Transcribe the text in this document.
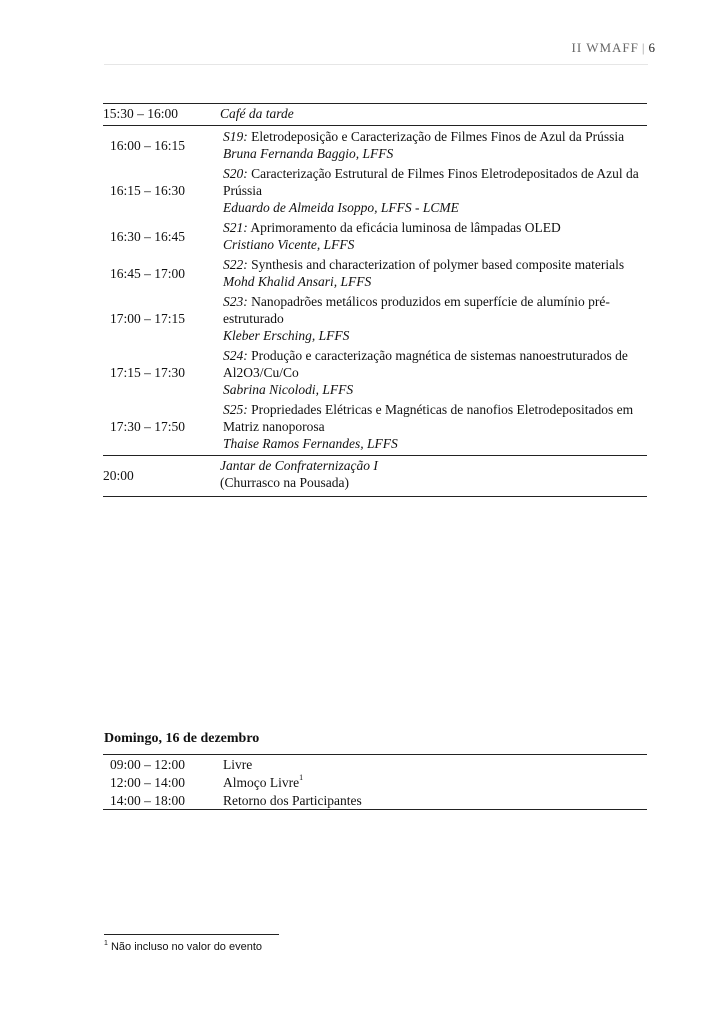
II WMAFF | 6
15:30 – 16:00	Café da tarde
16:00 – 16:15	S19: Eletrodeposição e Caracterização de Filmes Finos de Azul da Prússia
Bruna Fernanda Baggio, LFFS
16:15 – 16:30	S20: Caracterização Estrutural de Filmes Finos Eletrodepositados de Azul da Prússia
Eduardo de Almeida Isoppo, LFFS - LCME
16:30 – 16:45	S21: Aprimoramento da eficácia luminosa de lâmpadas OLED
Cristiano Vicente, LFFS
16:45 – 17:00	S22: Synthesis and characterization of polymer based composite materials
Mohd Khalid Ansari, LFFS
17:00 – 17:15	S23: Nanopadrões metálicos produzidos em superfície de alumínio pré-estruturado
Kleber Ersching, LFFS
17:15 – 17:30	S24: Produção e caracterização magnética de sistemas nanoestruturados de Al2O3/Cu/Co
Sabrina Nicolodi, LFFS
17:30 – 17:50	S25: Propriedades Elétricas e Magnéticas de nanofios Eletrodepositados em Matriz nanoporosa
Thaise Ramos Fernandes, LFFS
20:00	Jantar de Confraternização I
(Churrasco na Pousada)
Domingo, 16 de dezembro
09:00 – 12:00	Livre
12:00 – 14:00	Almoço Livre$^1$
14:00 – 18:00	Retorno dos Participantes
$^1$ Não incluso no valor do evento
